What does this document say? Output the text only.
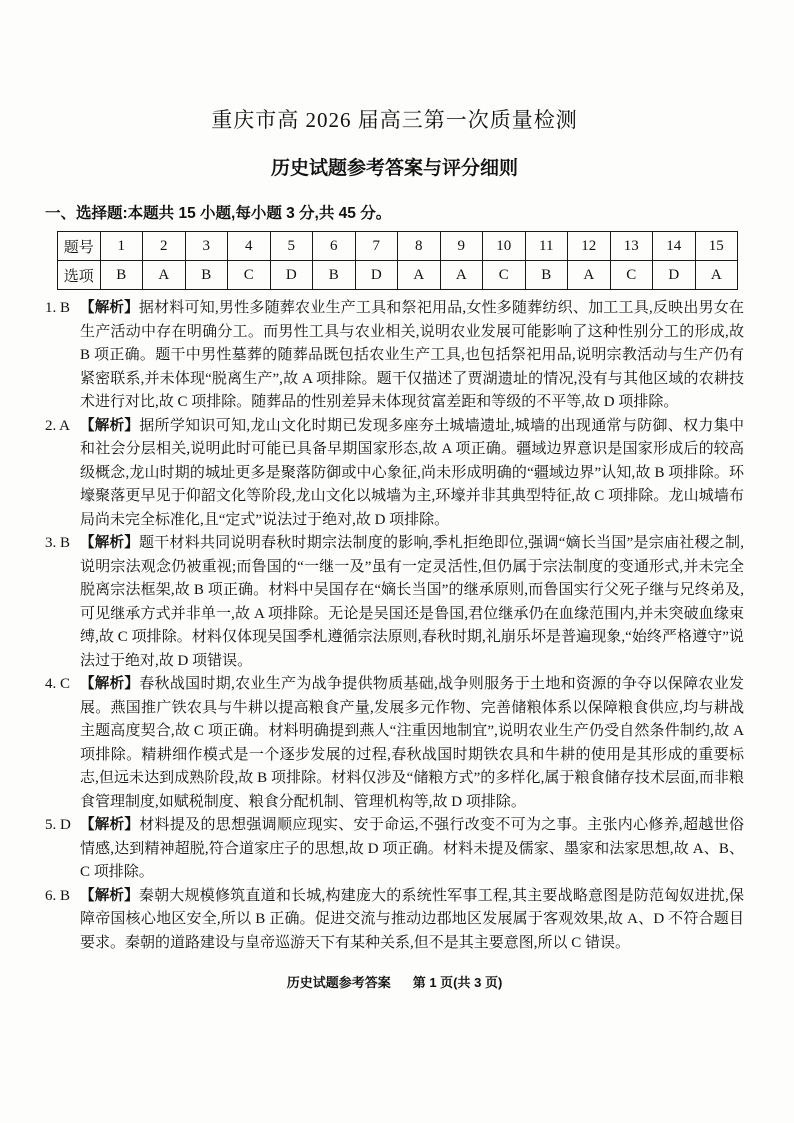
重庆市高 2026 届高三第一次质量检测
历史试题参考答案与评分细则
一、选择题:本题共 15 小题,每小题 3 分,共 45 分。
题号	1	2	3	4	5	6	7	8	9	10	11	12	13	14	15
选项	B	A	B	C	D	B	D	A	A	C	B	A	C	D	A
1. B 【解析】据材料可知,男性多随葬农业生产工具和祭祀用品,女性多随葬纺织、加工工具,反映出男女在生产活动中存在明确分工。而男性工具与农业相关,说明农业发展可能影响了这种性别分工的形成,故 B 项正确。题干中男性墓葬的随葬品既包括农业生产工具,也包括祭祀用品,说明宗教活动与生产仍有紧密联系,并未体现“脱离生产”,故 A 项排除。题干仅描述了贾湖遗址的情况,没有与其他区域的农耕技术进行对比,故 C 项排除。随葬品的性别差异未体现贫富差距和等级的不平等,故 D 项排除。
2. A 【解析】据所学知识可知,龙山文化时期已发现多座夯土城墙遗址,城墙的出现通常与防御、权力集中和社会分层相关,说明此时可能已具备早期国家形态,故 A 项正确。疆域边界意识是国家形成后的较高级概念,龙山时期的城址更多是聚落防御或中心象征,尚未形成明确的“疆域边界”认知,故 B 项排除。环壕聚落更早见于仰韶文化等阶段,龙山文化以城墙为主,环壕并非其典型特征,故 C 项排除。龙山城墙布局尚未完全标准化,且“定式”说法过于绝对,故 D 项排除。
3. B 【解析】题干材料共同说明春秋时期宗法制度的影响,季札拒绝即位,强调“嫡长当国”是宗庙社稷之制,说明宗法观念仍被重视;而鲁国的“一继一及”虽有一定灵活性,但仍属于宗法制度的变通形式,并未完全脱离宗法框架,故 B 项正确。材料中吴国存在“嫡长当国”的继承原则,而鲁国实行父死子继与兄终弟及,可见继承方式并非单一,故 A 项排除。无论是吴国还是鲁国,君位继承仍在血缘范围内,并未突破血缘束缚,故 C 项排除。材料仅体现吴国季札遵循宗法原则,春秋时期,礼崩乐坏是普遍现象,“始终严格遵守”说法过于绝对,故 D 项错误。
4. C 【解析】春秋战国时期,农业生产为战争提供物质基础,战争则服务于土地和资源的争夺以保障农业发展。燕国推广铁农具与牛耕以提高粮食产量,发展多元作物、完善储粮体系以保障粮食供应,均与耕战主题高度契合,故 C 项正确。材料明确提到燕人“注重因地制宜”,说明农业生产仍受自然条件制约,故 A 项排除。精耕细作模式是一个逐步发展的过程,春秋战国时期铁农具和牛耕的使用是其形成的重要标志,但远未达到成熟阶段,故 B 项排除。材料仅涉及“储粮方式”的多样化,属于粮食储存技术层面,而非粮食管理制度,如赋税制度、粮食分配机制、管理机构等,故 D 项排除。
5. D 【解析】材料提及的思想强调顺应现实、安于命运,不强行改变不可为之事。主张内心修养,超越世俗情感,达到精神超脱,符合道家庄子的思想,故 D 项正确。材料未提及儒家、墨家和法家思想,故 A、B、C 项排除。
6. B 【解析】秦朝大规模修筑直道和长城,构建庞大的系统性军事工程,其主要战略意图是防范匈奴进扰,保障帝国核心地区安全,所以 B 正确。促进交流与推动边郡地区发展属于客观效果,故 A、D 不符合题目要求。秦朝的道路建设与皇帝巡游天下有某种关系,但不是其主要意图,所以 C 错误。
历史试题参考答案 第 1 页(共 3 页)
